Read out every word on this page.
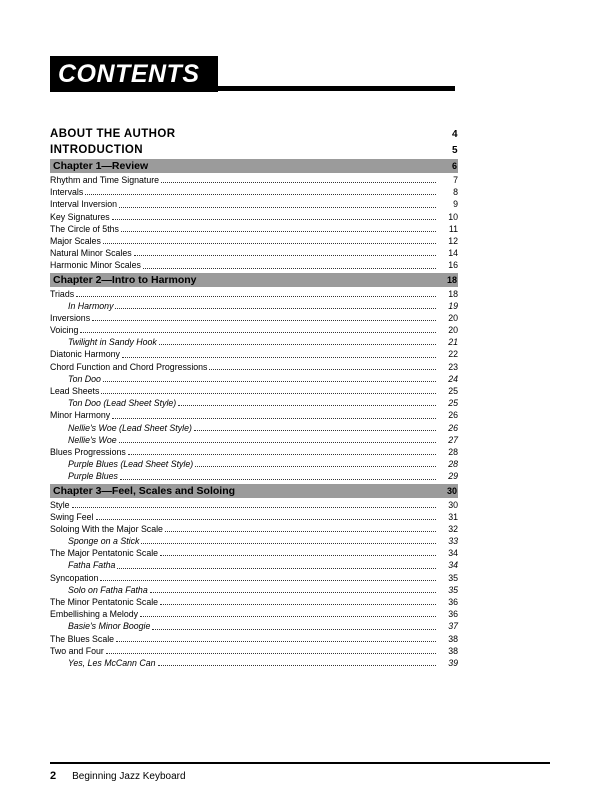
CONTENTS
ABOUT THE AUTHOR	4
INTRODUCTION	5
Chapter 1—Review	6
Rhythm and Time Signature	7
Intervals	8
Interval Inversion	9
Key Signatures	10
The Circle of 5ths	11
Major Scales	12
Natural Minor Scales	14
Harmonic Minor Scales	16
Chapter 2—Intro to Harmony	18
Triads	18
In Harmony	19
Inversions	20
Voicing	20
Twilight in Sandy Hook	21
Diatonic Harmony	22
Chord Function and Chord Progressions	23
Ton Doo	24
Lead Sheets	25
Ton Doo (Lead Sheet Style)	25
Minor Harmony	26
Nellie's Woe (Lead Sheet Style)	26
Nellie's Woe	27
Blues Progressions	28
Purple Blues (Lead Sheet Style)	28
Purple Blues	29
Chapter 3—Feel, Scales and Soloing	30
Style	30
Swing Feel	31
Soloing With the Major Scale	32
Sponge on a Stick	33
The Major Pentatonic Scale	34
Fatha Fatha	34
Syncopation	35
Solo on Fatha Fatha	35
The Minor Pentatonic Scale	36
Embellishing a Melody	36
Basie's Minor Boogie	37
The Blues Scale	38
Two and Four	38
Yes, Les McCann Can	39
2 Beginning Jazz Keyboard
